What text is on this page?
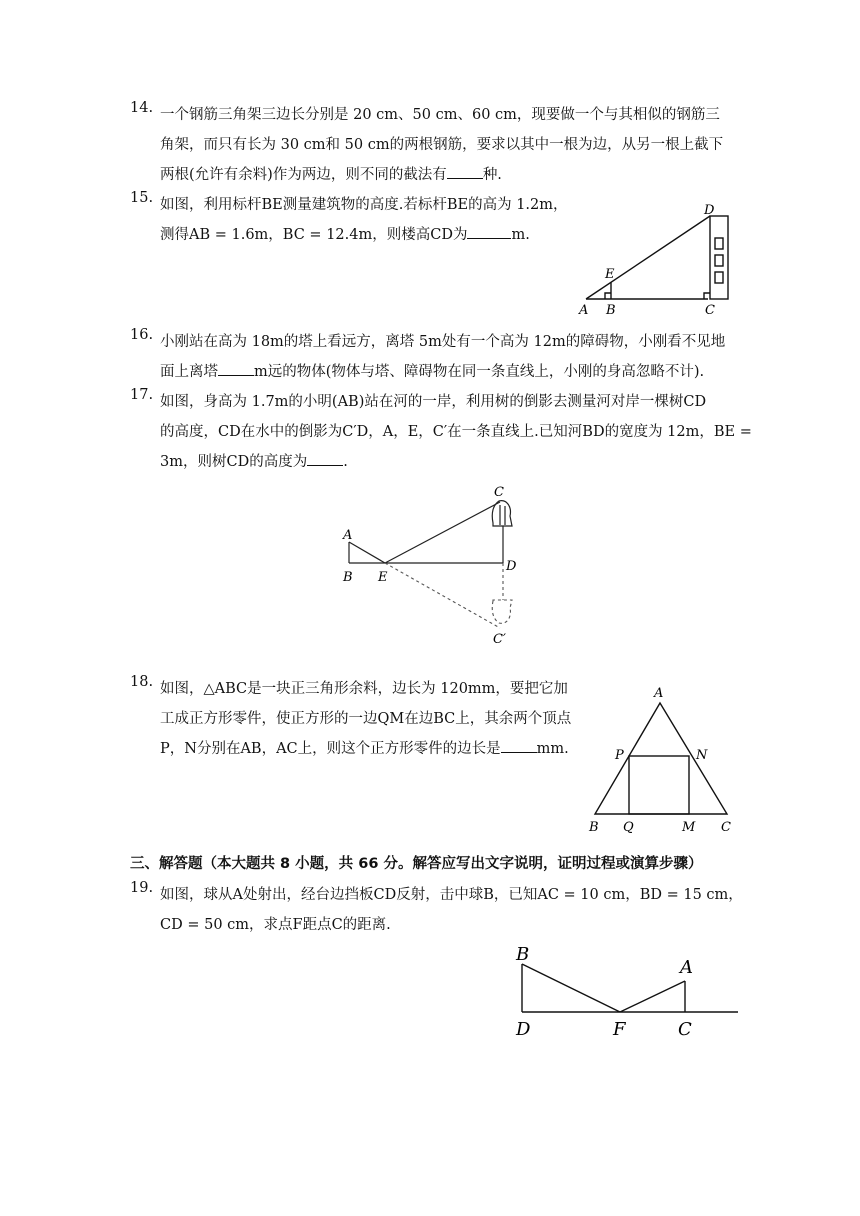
14. 一个钢筋三角架三边长分别是 20 cm、50 cm、60 cm，现要做一个与其相似的钢筋三
角架，而只有长为 30 cm和 50 cm的两根钢筋，要求以其中一根为边，从另一根上截下
两根(允许有余料)作为两边，则不同的截法有 种.
15. 如图，利用标杆BE测量建筑物的高度.若标杆BE的高为 1.2m，
测得AB = 1.6m，BC = 12.4m，则楼高CD为	m.
D
E
A B	C
16. 小刚站在高为 18m的塔上看远方，离塔 5m处有一个高为 12m的障碍物，小刚看不见地
面上离塔 m远的物体(物体与塔、障碍物在同一条直线上，小刚的身高忽略不计).
17. 如图，身高为 1.7m的小明(AB)站在河的一岸，利用树的倒影去测量河对岸一棵树CD
的高度，CD在水中的倒影为C′D，A，E，C′在一条直线上.已知河BD的宽度为 12m，BE =
3m，则树CD的高度为 .
C
A
B E
D
C′
18. 如图，△ABC是一块正三角形余料，边长为 120mm，要把它加
工成正方形零件，使正方形的一边QM在边BC上，其余两个顶点
P，N分别在AB，AC上，则这个正方形零件的边长是 mm.
A
P	N
B Q	M C
三、解答题（本大题共 8 小题，共 66 分。解答应写出文字说明，证明过程或演算步骤）
19. 如图，球从A处射出，经台边挡板CD反射，击中球B，已知AC = 10 cm，BD = 15 cm，
CD = 50 cm，求点F距点C的距离.
B
A
D	F	C
